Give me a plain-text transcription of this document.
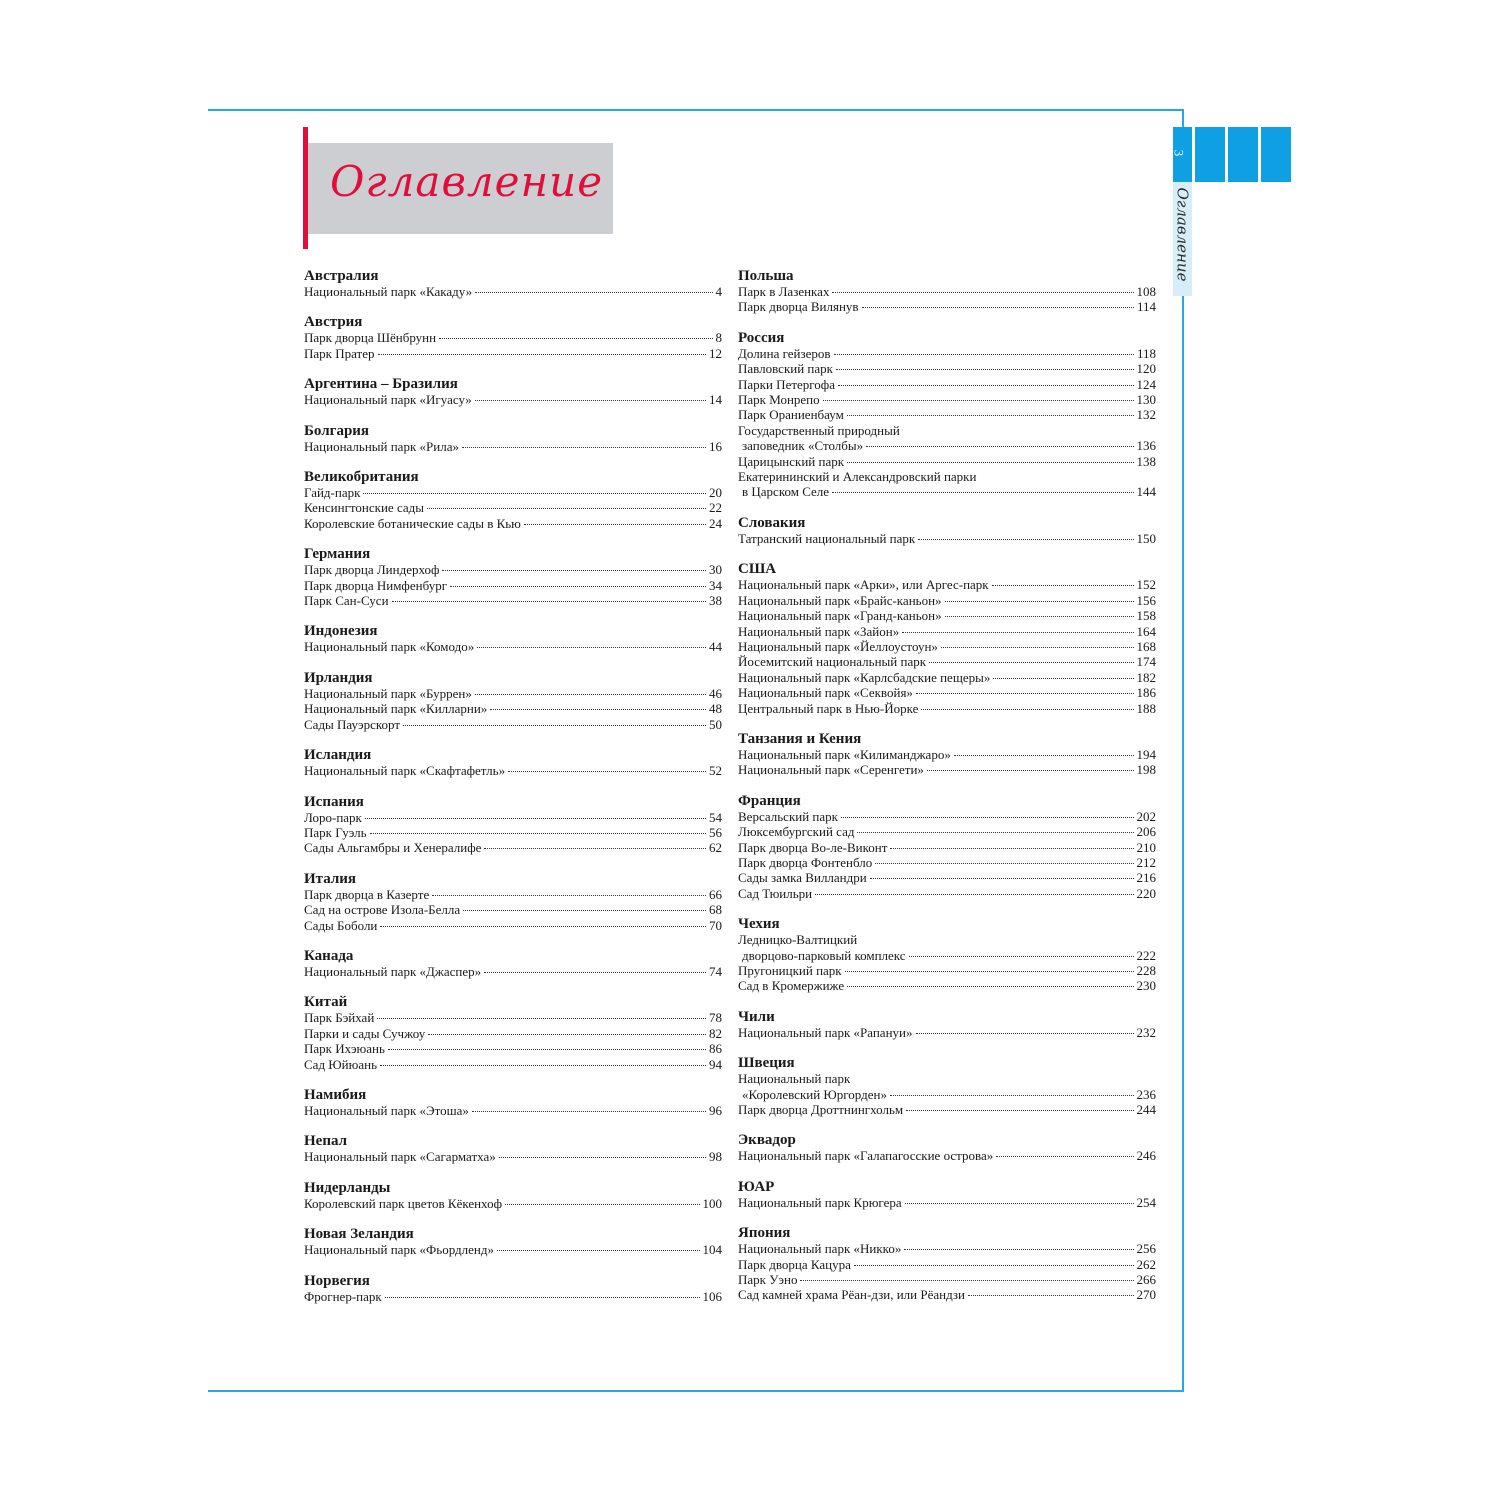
Оглавление
3
Оглавление
Австралия
Национальный парк «Какаду»	4
Австрия
Парк дворца Шёнбрунн	8
Парк Пратер	12
Аргентина – Бразилия
Национальный парк «Игуасу»	14
Болгария
Национальный парк «Рила»	16
Великобритания
Гайд-парк	20
Кенсингтонские сады	22
Королевские ботанические сады в Кью	24
Германия
Парк дворца Линдерхоф	30
Парк дворца Нимфенбург	34
Парк Сан-Суси	38
Индонезия
Национальный парк «Комодо»	44
Ирландия
Национальный парк «Буррен»	46
Национальный парк «Килларни»	48
Сады Пауэрскорт	50
Исландия
Национальный парк «Скафтафетль»	52
Испания
Лоро-парк	54
Парк Гуэль	56
Сады Альгамбры и Хенералифе	62
Италия
Парк дворца в Казерте	66
Сад на острове Изола-Белла	68
Сады Боболи	70
Канада
Национальный парк «Джаспер»	74
Китай
Парк Бэйхай	78
Парки и сады Сучжоу	82
Парк Ихэюань	86
Сад Юйюань	94
Намибия
Национальный парк «Этоша»	96
Непал
Национальный парк «Сагарматха»	98
Нидерланды
Королевский парк цветов Кёкенхоф	100
Новая Зеландия
Национальный парк «Фьордленд»	104
Норвегия
Фрогнер-парк	106
Польша
Парк в Лазенках	108
Парк дворца Вилянув	114
Россия
Долина гейзеров	118
Павловский парк	120
Парки Петергофа	124
Парк Монрепо	130
Парк Ораниенбаум	132
Государственный природный
заповедник «Столбы»	136
Царицынский парк	138
Екатерининский и Александровский парки
в Царском Селе	144
Словакия
Татранский национальный парк	150
США
Национальный парк «Арки», или Аргес-парк	152
Национальный парк «Брайс-каньон»	156
Национальный парк «Гранд-каньон»	158
Национальный парк «Зайон»	164
Национальный парк «Йеллоустоун»	168
Йосемитский национальный парк	174
Национальный парк «Карлсбадские пещеры»	182
Национальный парк «Секвойя»	186
Центральный парк в Нью-Йорке	188
Танзания и Кения
Национальный парк «Килиманджаро»	194
Национальный парк «Серенгети»	198
Франция
Версальский парк	202
Люксембургский сад	206
Парк дворца Во-ле-Виконт	210
Парк дворца Фонтенбло	212
Сады замка Вилландри	216
Сад Тюильри	220
Чехия
Ледницко-Валтицкий
дворцово-парковый комплекс	222
Пругоницкий парк	228
Сад в Кромержиже	230
Чили
Национальный парк «Рапануи»	232
Швеция
Национальный парк
«Королевский Юргорден»	236
Парк дворца Дроттнингхольм	244
Эквадор
Национальный парк «Галапагосские острова»	246
ЮАР
Национальный парк Крюгера	254
Япония
Национальный парк «Никко»	256
Парк дворца Кацура	262
Парк Уэно	266
Сад камней храма Рёан-дзи, или Рёандзи	270
